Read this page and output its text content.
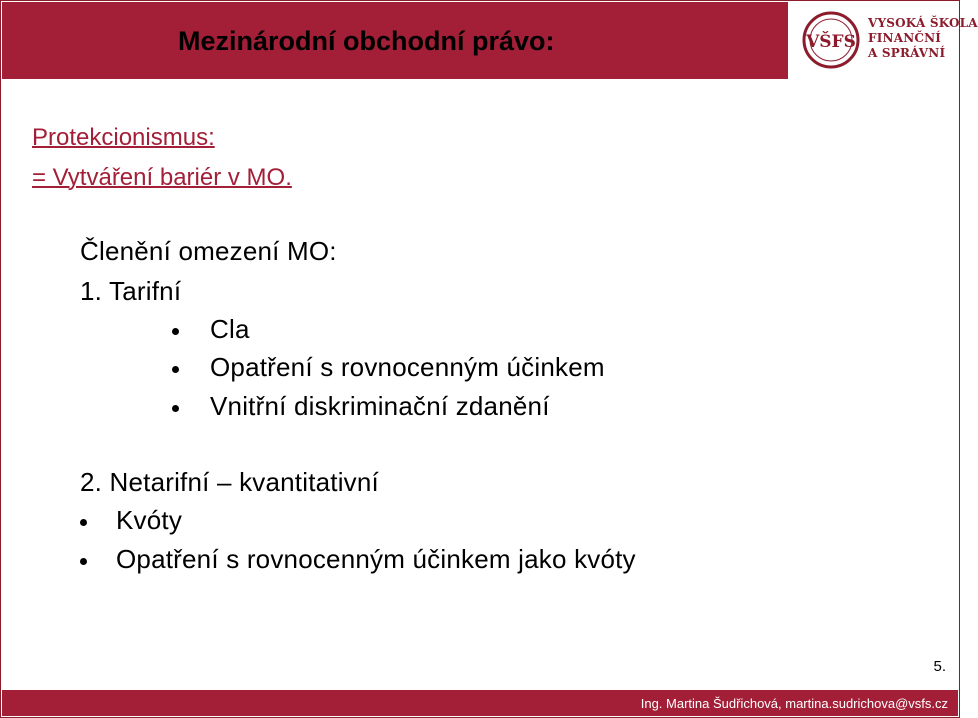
Mezinárodní obchodní právo:	VŠFS
VYSOKÁ ŠKOLA
FINANČNÍ
A SPRÁVNÍ
Protekcionismus:
= Vytváření bariér v MO.
Členění omezení MO:
1. Tarifní
Cla
Opatření s rovnocenným účinkem
Vnitřní diskriminační zdanění
2. Netarifní – kvantitativní
Kvóty
Opatření s rovnocenným účinkem jako kvóty
5.
Ing. Martina Šudřichová, martina.sudrichova@vsfs.cz
